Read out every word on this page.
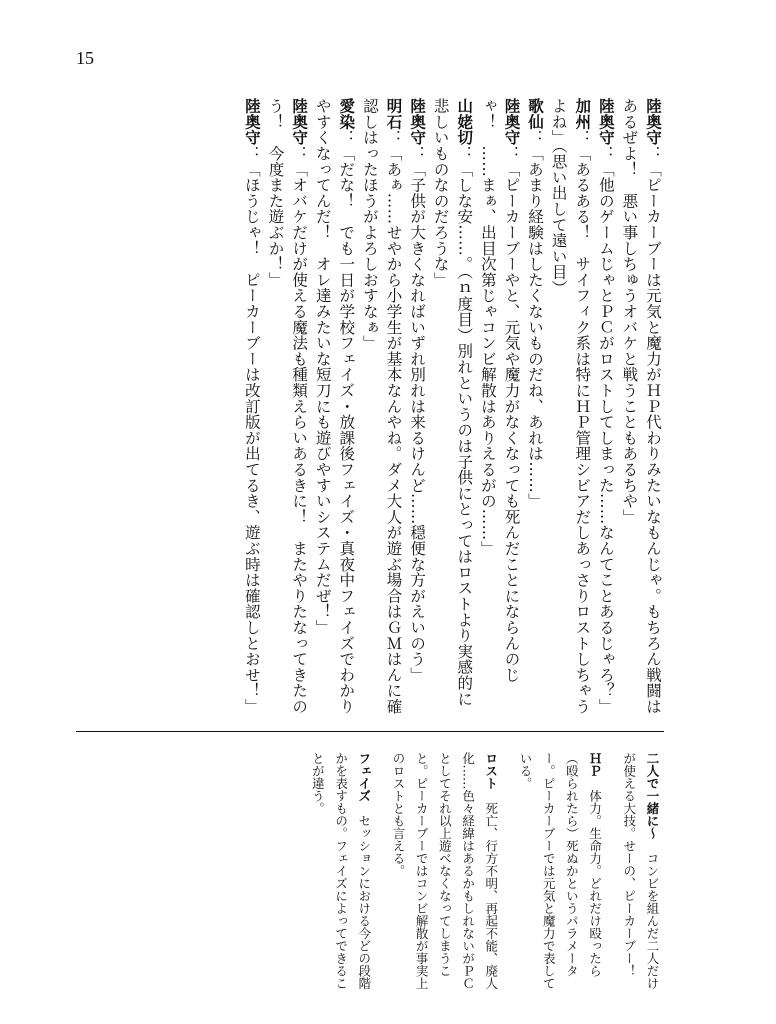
15

陸奥守：「ピーカーブーは元気と魔力がＨＰ代わりみたいなもんじゃ。もちろん戦闘はあるぜよ！　悪い事しちゅうオバケと戦うこともあるちや」

陸奥守：「他のゲームじゃとＰＣがロストしてしまった……なんてことあるじゃろ？」

加州：「あるある！　サイフィク系は特にＨＰ管理シビアだしあっさりロストしちゃうよね」（思い出して遠い目）

歌仙：「あまり経験はしたくないものだね、あれは……」

陸奥守：「ピーカーブーやと、元気や魔力がなくなっても死んだことにならんのじゃ！　……まぁ、出目次第じゃコンビ解散はありえるがの……」

山姥切：「しな安……。（ｎ度目）別れというのは子供にとってはロストより実感的に悲しいものなのだろうな」

陸奥守：「子供が大きくなればいずれ別れは来るけんど……穏便な方がえいのう」

明石：「あぁ……せやから小学生が基本なんやね。ダメ大人が遊ぶ場合はＧＭはんに確認しはったほうがよろしおすなぁ」

愛染：「だな！　でも一日が学校フェイズ・放課後フェイズ・真夜中フェイズでわかりやすくなってんだ！　オレ達みたいな短刀にも遊びやすいシステムだぜ！」

陸奥守：「オバケだけが使える魔法も種類えらいあるきに！　またやりたなってきたのう！　今度また遊ぶか！」

陸奥守：「ほうじゃ！　ピーカーブーは改訂版が出てるき、遊ぶ時は確認しとおせ！」

二人で一緒に～　コンビを組んだ二人だけが使える大技。せーの、ピーカーブー！

ＨＰ　体力。生命力。どれだけ殴ったら（殴られたら）死ぬかというパラメーター。ピーカーブーでは元気と魔力で表している。

ロスト　死亡、行方不明、再起不能、廃人化……色々経緯はあるかもしれないがＰＣとしてそれ以上遊べなくなってしまうこと。ピーカーブーではコンビ解散が事実上のロストとも言える。

フェイズ　セッションにおける今どの段階かを表すもの。フェイズによってできることが違う。
